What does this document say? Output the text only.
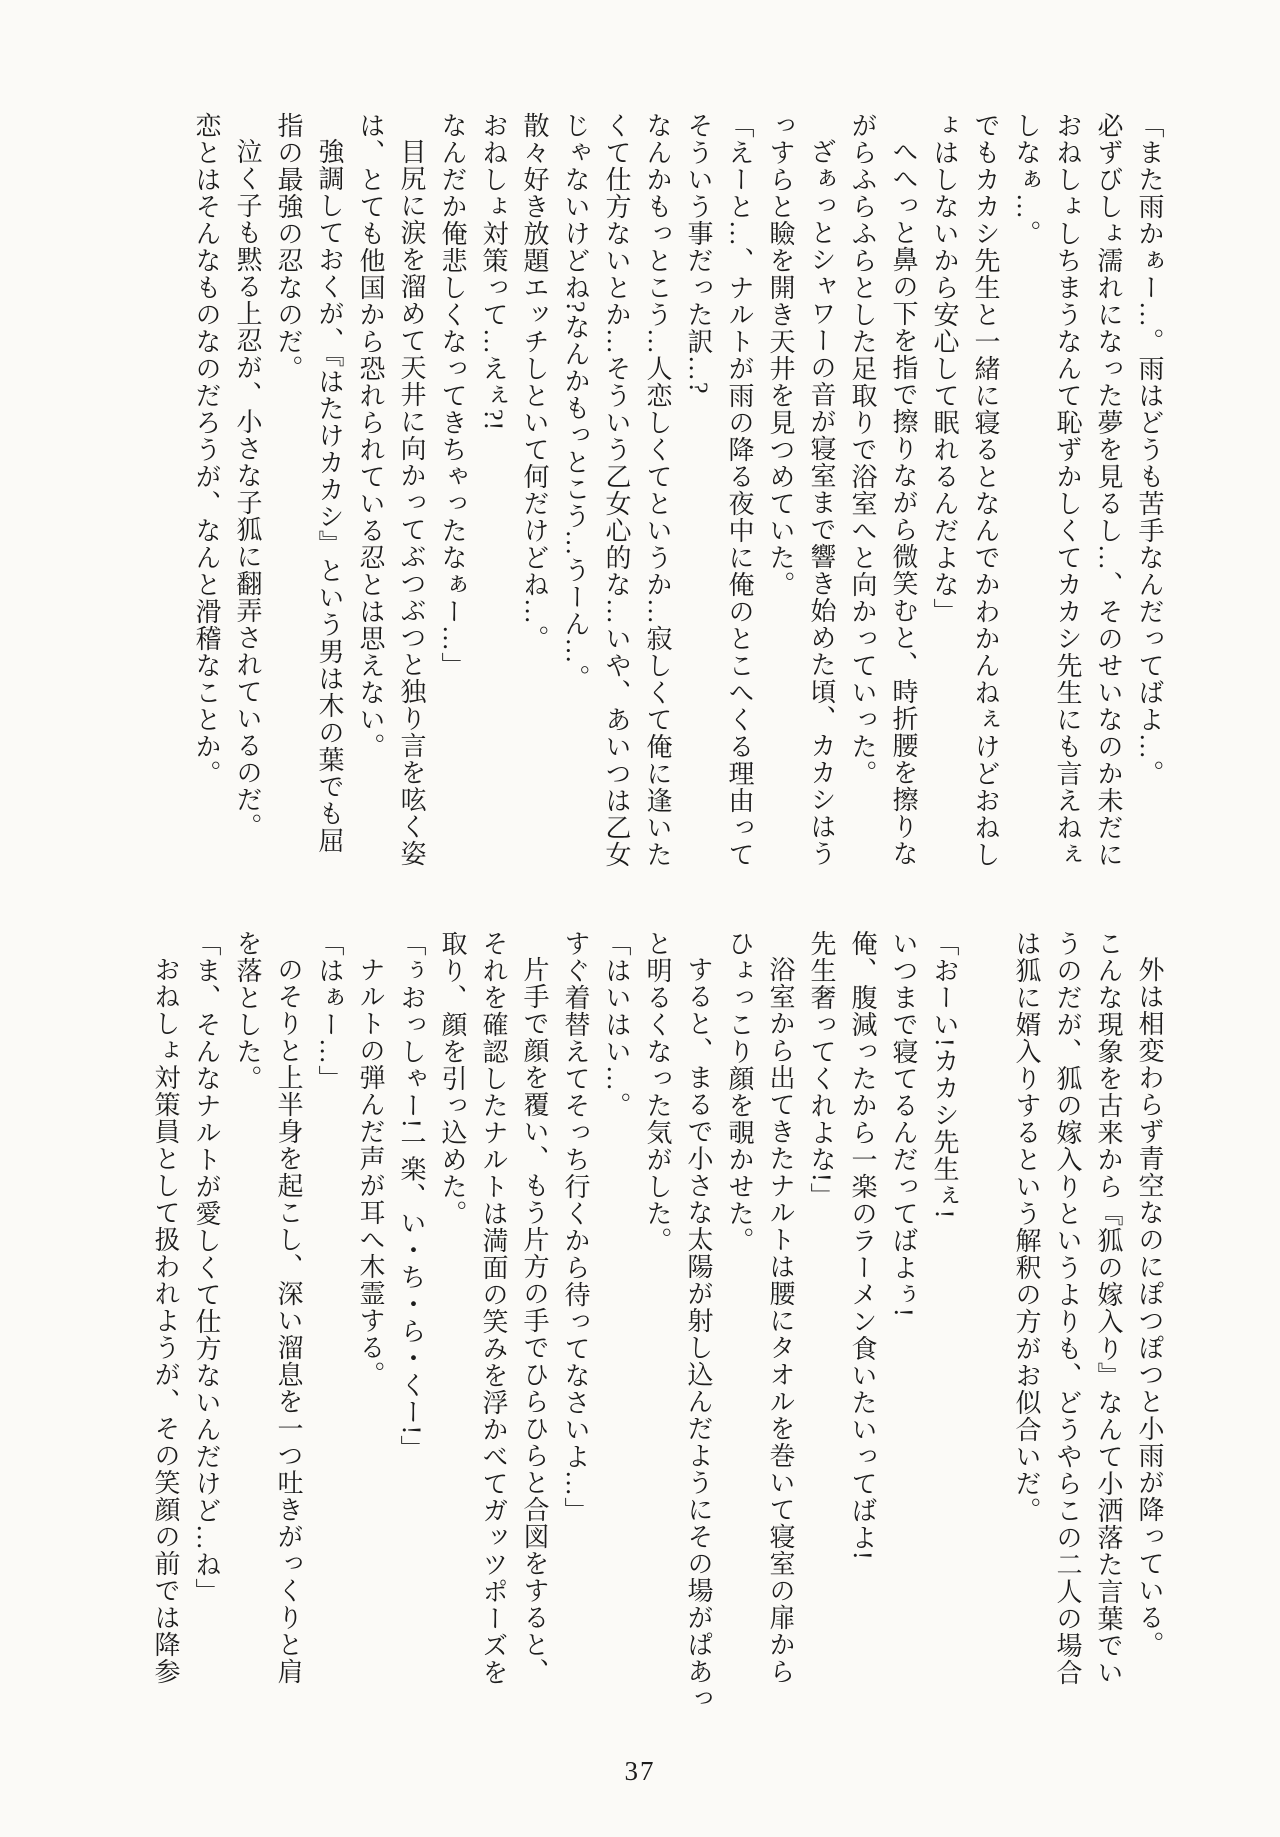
「また雨かぁー…。雨はどうも苦手なんだってばよ…。

必ずびしょ濡れになった夢を見るし…、そのせいなのか未だに

おねしょしちまうなんて恥ずかしくてカカシ先生にも言えねぇ

しなぁ…。

でもカカシ先生と一緒に寝るとなんでかわかんねぇけどおねし

ょはしないから安心して眠れるんだよな」

へへっと鼻の下を指で擦りながら微笑むと、時折腰を擦りな

がらふらふらとした足取りで浴室へと向かっていった。

ざぁっとシャワーの音が寝室まで響き始めた頃、カカシはう

っすらと瞼を開き天井を見つめていた。

「えーと…、ナルトが雨の降る夜中に俺のとこへくる理由って

そういう事だった訳…?

なんかもっとこう…人恋しくてというか…寂しくて俺に逢いた

くて仕方ないとか…そういう乙女心的な…いや、あいつは乙女

じゃないけどね?なんかもっとこう…うーん…。

散々好き放題エッチしといて何だけどね…。

おねしょ対策って…えぇ?!

なんだか俺悲しくなってきちゃったなぁー…」

目尻に涙を溜めて天井に向かってぶつぶつと独り言を呟く姿

は、とても他国から恐れられている忍とは思えない。

強調しておくが、『はたけカカシ』という男は木の葉でも屈

指の最強の忍なのだ。

泣く子も黙る上忍が、小さな子狐に翻弄されているのだ。

恋とはそんなものなのだろうが、なんと滑稽なことか。

外は相変わらず青空なのにぽつぽつと小雨が降っている。

こんな現象を古来から『狐の嫁入り』なんて小洒落た言葉でい

うのだが、狐の嫁入りというよりも、どうやらこの二人の場合

は狐に婿入りするという解釈の方がお似合いだ。

「おーい!カカシ先生ぇ!

いつまで寝てるんだってばよぅ!

俺、腹減ったから一楽のラーメン食いたいってばよ!

先生奢ってくれよな!」

浴室から出てきたナルトは腰にタオルを巻いて寝室の扉から

ひょっこり顔を覗かせた。

すると、まるで小さな太陽が射し込んだようにその場がぱあっ

と明るくなった気がした。

「はいはい…。

すぐ着替えてそっち行くから待ってなさいよ…」

片手で顔を覆い、もう片方の手でひらひらと合図をすると、

それを確認したナルトは満面の笑みを浮かべてガッツポーズを

取り、顔を引っ込めた。

「ぅおっしゃー!一楽、い・ち・ら・くー!」

ナルトの弾んだ声が耳へ木霊する。

「はぁー…」

のそりと上半身を起こし、深い溜息を一つ吐きがっくりと肩

を落とした。

「ま、そんなナルトが愛しくて仕方ないんだけど…ね」

おねしょ対策員として扱われようが、その笑顔の前では降参

37
